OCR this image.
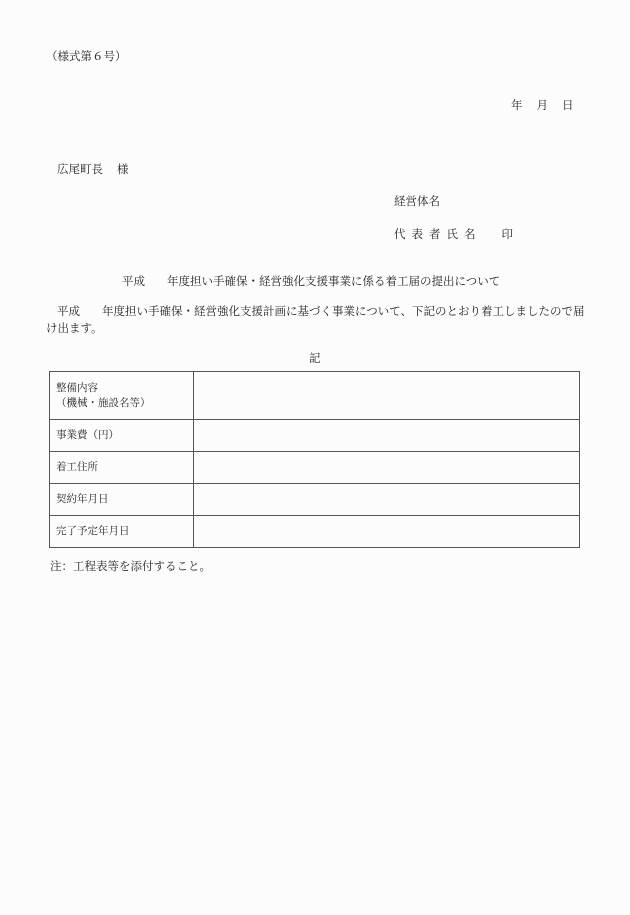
（様式第６号）
年 月 日
広尾町長 様
経営体名
代表者氏名 印
平成 年度担い手確保・経営強化支援事業に係る着工届の提出について
平成 年度担い手確保・経営強化支援計画に基づく事業について、下記のとおり着工しましたので届け出ます。
記
整備内容
（機械・施設名等）	

事業費（円）	
着工住所	
契約年月日	
完了予定年月日	
注：工程表等を添付すること。
